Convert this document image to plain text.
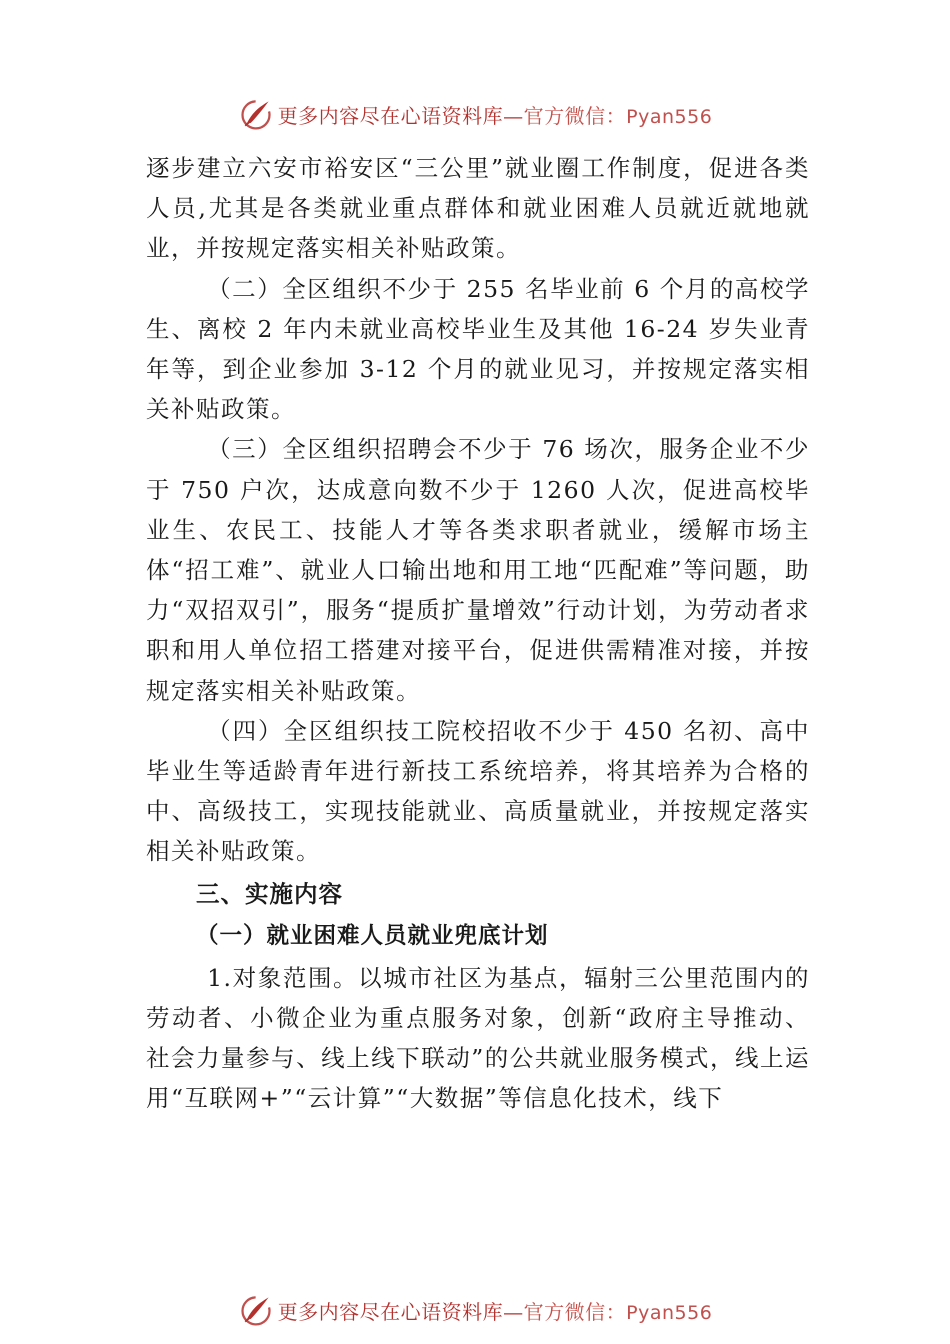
更多内容尽在心语资料库—官方微信：Pyan556

逐步建立六安市裕安区“三公里”就业圈工作制度，促进各类人员,尤其是各类就业重点群体和就业困难人员就近就地就业，并按规定落实相关补贴政策。

（二）全区组织不少于 255 名毕业前 6 个月的高校学生、离校 2 年内未就业高校毕业生及其他 16-24 岁失业青年等，到企业参加 3-12 个月的就业见习，并按规定落实相关补贴政策。

（三）全区组织招聘会不少于 76 场次，服务企业不少于 750 户次，达成意向数不少于 1260 人次，促进高校毕业生、农民工、技能人才等各类求职者就业，缓解市场主体“招工难”、就业人口输出地和用工地“匹配难”等问题，助力“双招双引”，服务“提质扩量增效”行动计划，为劳动者求职和用人单位招工搭建对接平台，促进供需精准对接，并按规定落实相关补贴政策。

（四）全区组织技工院校招收不少于 450 名初、高中毕业生等适龄青年进行新技工系统培养，将其培养为合格的中、高级技工，实现技能就业、高质量就业，并按规定落实相关补贴政策。

三、实施内容
（一）就业困难人员就业兜底计划

1.对象范围。以城市社区为基点，辐射三公里范围内的劳动者、小微企业为重点服务对象，创新“政府主导推动、 社会力量参与、线上线下联动”的公共就业服务模式，线上运用“互联网+”“云计算”“大数据”等信息化技术，线下

更多内容尽在心语资料库—官方微信：Pyan556
